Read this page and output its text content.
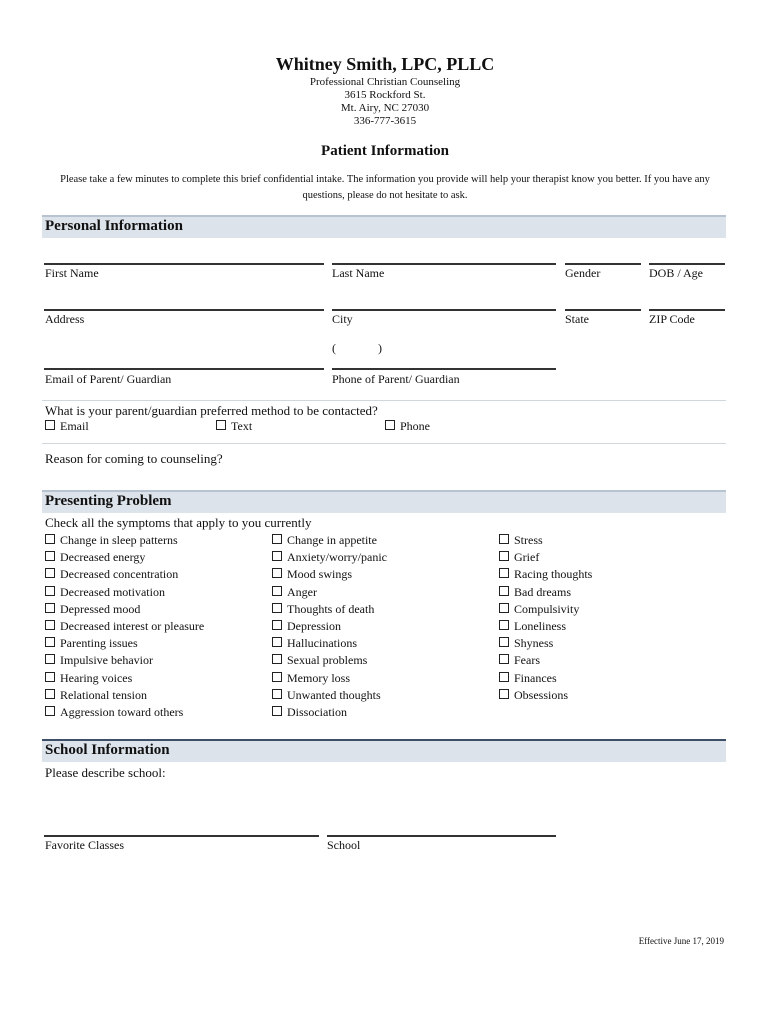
Whitney Smith, LPC, PLLC
Professional Christian Counseling
3615 Rockford St.
Mt. Airy, NC 27030
336-777-3615
Patient Information
Please take a few minutes to complete this brief confidential intake. The information you provide will help your therapist know you better. If you have any questions, please do not hesitate to ask.
Personal Information
First Name	Last Name	Gender	DOB / Age
Address	City	State	ZIP Code
(              )
Email of Parent/ Guardian	Phone of Parent/ Guardian
What is your parent/guardian preferred method to be contacted?
Email	Text	Phone
Reason for coming to counseling?
Presenting Problem
Check all the symptoms that apply to you currently
Change in sleep patterns
Decreased energy
Decreased concentration
Decreased motivation
Depressed mood
Decreased interest or pleasure
Parenting issues
Impulsive behavior
Hearing voices
Relational tension
Aggression toward others
Change in appetite
Anxiety/worry/panic
Mood swings
Anger
Thoughts of death
Depression
Hallucinations
Sexual problems
Memory loss
Unwanted thoughts
Dissociation
Stress
Grief
Racing thoughts
Bad dreams
Compulsivity
Loneliness
Shyness
Fears
Finances
Obsessions
School Information
Please describe school:
Favorite Classes	School
Effective June 17, 2019
